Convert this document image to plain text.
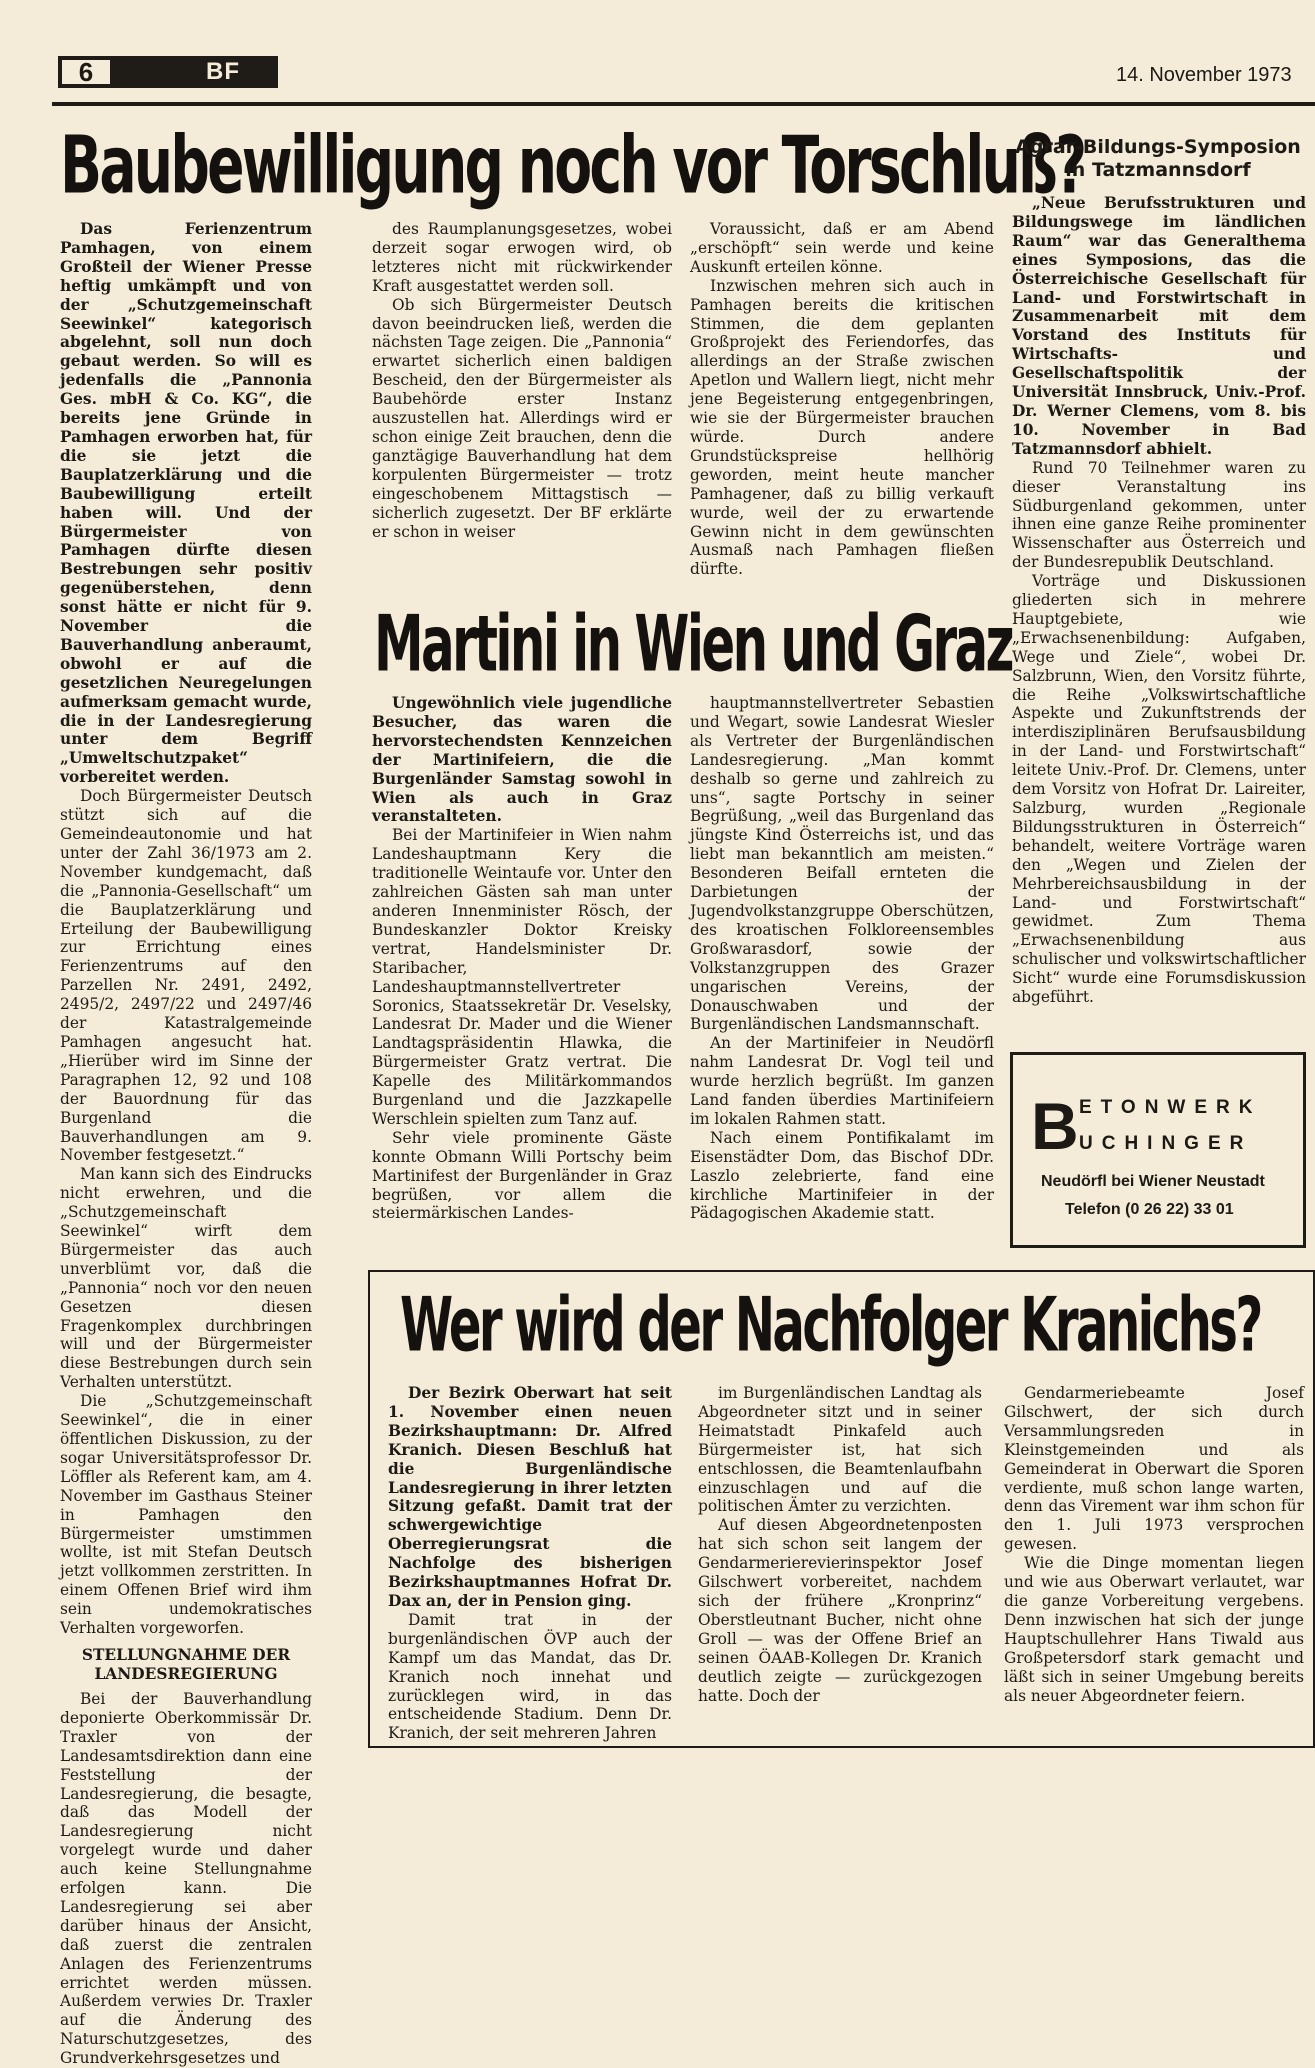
6	BF	14. November 1973
Baubewilligung noch vor Torschluß?

Das Ferienzentrum Pamhagen, von einem Großteil der Wiener Presse heftig umkämpft und von der „Schutzgemeinschaft Seewinkel“ kategorisch abgelehnt, soll nun doch gebaut werden. So will es jedenfalls die „Pannonia Ges. mbH & Co. KG“, die bereits jene Gründe in Pamhagen erworben hat, für die sie jetzt die Bauplatzerklärung und die Baubewilligung erteilt haben will. Und der Bürgermeister von Pamhagen dürfte diesen Bestrebungen sehr positiv gegenüberstehen, denn sonst hätte er nicht für 9. November die Bauverhandlung anberaumt, obwohl er auf die gesetzlichen Neuregelungen aufmerksam gemacht wurde, die in der Landesregierung unter dem Begriff „Umweltschutzpaket“ vorbereitet werden.

Doch Bürgermeister Deutsch stützt sich auf die Gemeindeautonomie und hat unter der Zahl 36/1973 am 2. November kundgemacht, daß die „Pannonia-Gesellschaft“ um die Bauplatzerklärung und Erteilung der Baubewilligung zur Errichtung eines Ferienzentrums auf den Parzellen Nr. 2491, 2492, 2495/2, 2497/22 und 2497/46 der Katastralgemeinde Pamhagen angesucht hat. „Hierüber wird im Sinne der Paragraphen 12, 92 und 108 der Bauordnung für das Burgenland die Bauverhandlungen am 9. November festgesetzt.“

Man kann sich des Eindrucks nicht erwehren, und die „Schutzgemeinschaft Seewinkel“ wirft dem Bürgermeister das auch unverblümt vor, daß die „Pannonia“ noch vor den neuen Gesetzen diesen Fragenkomplex durchbringen will und der Bürgermeister diese Bestrebungen durch sein Verhalten unterstützt.

Die „Schutzgemeinschaft Seewinkel“, die in einer öffentlichen Diskussion, zu der sogar Universitätsprofessor Dr. Löffler als Referent kam, am 4. November im Gasthaus Steiner in Pamhagen den Bürgermeister umstimmen wollte, ist mit Stefan Deutsch jetzt vollkommen zerstritten. In einem Offenen Brief wird ihm sein undemokratisches Verhalten vorgeworfen.

STELLUNGNAHME DER LANDESREGIERUNG

Bei der Bauverhandlung deponierte Oberkommissär Dr. Traxler von der Landesamtsdirektion dann eine Feststellung der Landesregierung, die besagte, daß das Modell der Landesregierung nicht vorgelegt wurde und daher auch keine Stellungnahme erfolgen kann. Die Landesregierung sei aber darüber hinaus der Ansicht, daß zuerst die zentralen Anlagen des Ferienzentrums errichtet werden müssen. Außerdem verwies Dr. Traxler auf die Änderung des Naturschutzgesetzes, des Grundverkehrsgesetzes und

des Raumplanungsgesetzes, wobei derzeit sogar erwogen wird, ob letzteres nicht mit rückwirkender Kraft ausgestattet werden soll.

Ob sich Bürgermeister Deutsch davon beeindrucken ließ, werden die nächsten Tage zeigen. Die „Pannonia“ erwartet sicherlich einen baldigen Bescheid, den der Bürgermeister als Baubehörde erster Instanz auszustellen hat. Allerdings wird er schon einige Zeit brauchen, denn die ganztägige Bauverhandlung hat dem korpulenten Bürgermeister — trotz eingeschobenem Mittagstisch — sicherlich zugesetzt. Der BF erklärte er schon in weiser

Voraussicht, daß er am Abend „erschöpft“ sein werde und keine Auskunft erteilen könne.

Inzwischen mehren sich auch in Pamhagen bereits die kritischen Stimmen, die dem geplanten Großprojekt des Feriendorfes, das allerdings an der Straße zwischen Apetlon und Wallern liegt, nicht mehr jene Begeisterung entgegenbringen, wie sie der Bürgermeister brauchen würde. Durch andere Grundstückspreise hellhörig geworden, meint heute mancher Pamhagener, daß zu billig verkauft wurde, weil der zu erwartende Gewinn nicht in dem gewünschten Ausmaß nach Pamhagen fließen dürfte.

Martini in Wien und Graz

Ungewöhnlich viele jugendliche Besucher, das waren die hervorstechendsten Kennzeichen der Martinifeiern, die die Burgenländer Samstag sowohl in Wien als auch in Graz veranstalteten.

Bei der Martinifeier in Wien nahm Landeshauptmann Kery die traditionelle Weintaufe vor. Unter den zahlreichen Gästen sah man unter anderen Innenminister Rösch, der Bundeskanzler Doktor Kreisky vertrat, Handelsminister Dr. Staribacher, Landeshauptmannstellvertreter Soronics, Staatssekretär Dr. Veselsky, Landesrat Dr. Mader und die Wiener Landtagspräsidentin Hlawka, die Bürgermeister Gratz vertrat. Die Kapelle des Militärkommandos Burgenland und die Jazzkapelle Werschlein spielten zum Tanz auf.

Sehr viele prominente Gäste konnte Obmann Willi Portschy beim Martinifest der Burgenländer in Graz begrüßen, vor allem die steiermärkischen Landes-

hauptmannstellvertreter Sebastien und Wegart, sowie Landesrat Wiesler als Vertreter der Burgenländischen Landesregierung. „Man kommt deshalb so gerne und zahlreich zu uns“, sagte Portschy in seiner Begrüßung, „weil das Burgenland das jüngste Kind Österreichs ist, und das liebt man bekanntlich am meisten.“ Besonderen Beifall ernteten die Darbietungen der Jugendvolkstanzgruppe Oberschützen, des kroatischen Folkloreensembles Großwarasdorf, sowie der Volkstanzgruppen des Grazer ungarischen Vereins, der Donauschwaben und der Burgenländischen Landsmannschaft.

An der Martinifeier in Neudörfl nahm Landesrat Dr. Vogl teil und wurde herzlich begrüßt. Im ganzen Land fanden überdies Martinifeiern im lokalen Rahmen statt.

Nach einem Pontifikalamt im Eisenstädter Dom, das Bischof DDr. Laszlo zelebrierte, fand eine kirchliche Martinifeier in der Pädagogischen Akademie statt.

Agrar-Bildungs-Symposion in Tatzmannsdorf

„Neue Berufsstrukturen und Bildungswege im ländlichen Raum“ war das Generalthema eines Symposions, das die Österreichische Gesellschaft für Land- und Forstwirtschaft in Zusammenarbeit mit dem Vorstand des Instituts für Wirtschafts- und Gesellschaftspolitik der Universität Innsbruck, Univ.-Prof. Dr. Werner Clemens, vom 8. bis 10. November in Bad Tatzmannsdorf abhielt.

Rund 70 Teilnehmer waren zu dieser Veranstaltung ins Südburgenland gekommen, unter ihnen eine ganze Reihe prominenter Wissenschafter aus Österreich und der Bundesrepublik Deutschland.

Vorträge und Diskussionen gliederten sich in mehrere Hauptgebiete, wie „Erwachsenenbildung: Aufgaben, Wege und Ziele“, wobei Dr. Salzbrunn, Wien, den Vorsitz führte, die Reihe „Volkswirtschaftliche Aspekte und Zukunftstrends der interdisziplinären Berufsausbildung in der Land- und Forstwirtschaft“ leitete Univ.-Prof. Dr. Clemens, unter dem Vorsitz von Hofrat Dr. Laireiter, Salzburg, wurden „Regionale Bildungsstrukturen in Österreich“ behandelt, weitere Vorträge waren den „Wegen und Zielen der Mehrbereichsausbildung in der Land- und Forstwirtschaft“ gewidmet. Zum Thema „Erwachsenenbildung aus schulischer und volkswirtschaftlicher Sicht“ wurde eine Forumsdiskussion abgeführt.

B ETONWERK
UCHINGER
Neudörfl bei Wiener Neustadt
Telefon (0 26 22) 33 01
Wer wird der Nachfolger Kranichs?

Der Bezirk Oberwart hat seit 1. November einen neuen Bezirkshauptmann: Dr. Alfred Kranich. Diesen Beschluß hat die Burgenländische Landesregierung in ihrer letzten Sitzung gefaßt. Damit trat der schwergewichtige Oberregierungsrat die Nachfolge des bisherigen Bezirkshauptmannes Hofrat Dr. Dax an, der in Pension ging.

Damit trat in der burgenländischen ÖVP auch der Kampf um das Mandat, das Dr. Kranich noch innehat und zurücklegen wird, in das entscheidende Stadium. Denn Dr. Kranich, der seit mehreren Jahren

im Burgenländischen Landtag als Abgeordneter sitzt und in seiner Heimatstadt Pinkafeld auch Bürgermeister ist, hat sich entschlossen, die Beamtenlaufbahn einzuschlagen und auf die politischen Ämter zu verzichten.

Auf diesen Abgeordnetenposten hat sich schon seit langem der Gendarmerierevierinspektor Josef Gilschwert vorbereitet, nachdem sich der frühere „Kronprinz“ Oberstleutnant Bucher, nicht ohne Groll — was der Offene Brief an seinen ÖAAB-Kollegen Dr. Kranich deutlich zeigte — zurückgezogen hatte. Doch der

Gendarmeriebeamte Josef Gilschwert, der sich durch Versammlungsreden in Kleinstgemeinden und als Gemeinderat in Oberwart die Sporen verdiente, muß schon lange warten, denn das Virement war ihm schon für den 1. Juli 1973 versprochen gewesen.

Wie die Dinge momentan liegen und wie aus Oberwart verlautet, war die ganze Vorbereitung vergebens. Denn inzwischen hat sich der junge Hauptschullehrer Hans Tiwald aus Großpetersdorf stark gemacht und läßt sich in seiner Umgebung bereits als neuer Abgeordneter feiern.
